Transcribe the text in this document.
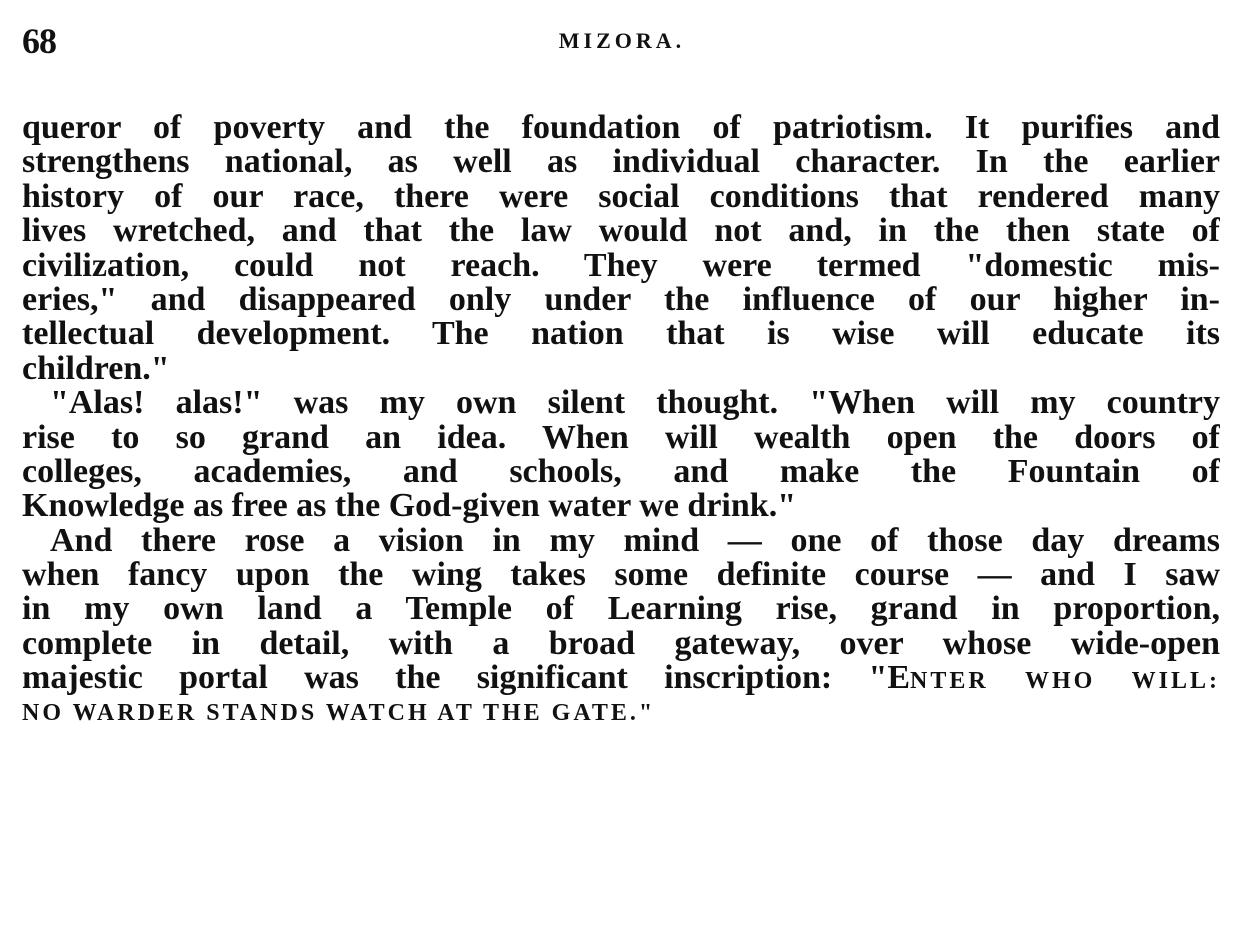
68	MIZORA.
queror of poverty and the foundation of patriotism. It purifies and
strengthens national, as well as individual character. In the earlier
history of our race, there were social conditions that rendered many
lives wretched, and that the law would not and, in the then state of
civilization, could not reach. They were termed "domestic mis-
eries," and disappeared only under the influence of our higher in-
tellectual development. The nation that is wise will educate its
children."
"Alas! alas!" was my own silent thought. "When will my country
rise to so grand an idea. When will wealth open the doors of
colleges, academies, and schools, and make the Fountain of
Knowledge as free as the God-given water we drink."
And there rose a vision in my mind — one of those day dreams
when fancy upon the wing takes some definite course — and I saw
in my own land a Temple of Learning rise, grand in proportion,
complete in detail, with a broad gateway, over whose wide-open
majestic portal was the significant inscription: "ENTER WHO WILL:
NO WARDER STANDS WATCH AT THE GATE."
